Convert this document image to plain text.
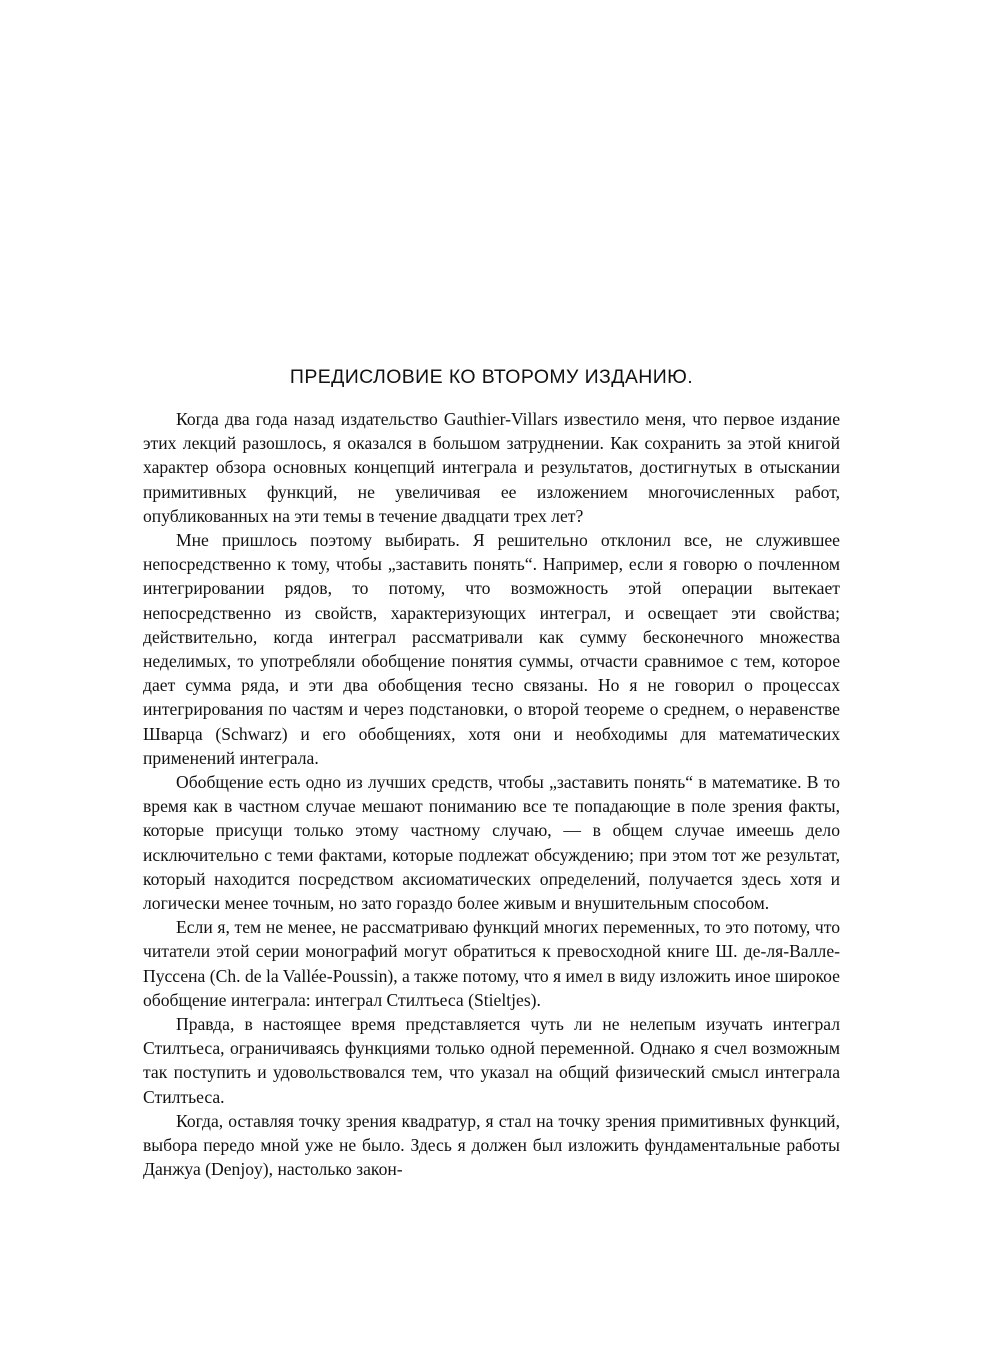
ПРЕДИСЛОВИЕ КО ВТОРОМУ ИЗДАНИЮ.

Когда два года назад издательство Gauthier-Villars известило меня, что первое издание этих лекций разошлось, я оказался в большом затруднении. Как сохранить за этой книгой характер обзора основных концепций интеграла и результатов, достигнутых в отыскании примитивных функций, не увеличивая ее изложением многочисленных работ, опубликованных на эти темы в течение двадцати трех лет?

Мне пришлось поэтому выбирать. Я решительно отклонил все, не служившее непосредственно к тому, чтобы „заставить понять“. Например, если я говорю о почленном интегрировании рядов, то потому, что возможность этой операции вытекает непосредственно из свойств, характеризующих интеграл, и освещает эти свойства; действительно, когда интеграл рассматривали как сумму бесконечного множества неделимых, то употребляли обобщение понятия суммы, отчасти сравнимое с тем, которое дает сумма ряда, и эти два обобщения тесно связаны. Но я не говорил о процессах интегрирования по частям и через подстановки, о второй теореме о среднем, о неравенстве Шварца (Schwarz) и его обобщениях, хотя они и необходимы для математических применений интеграла.

Обобщение есть одно из лучших средств, чтобы „заставить понять“ в математике. В то время как в частном случае мешают пониманию все те попадающие в поле зрения факты, которые присущи только этому частному случаю, — в общем случае имеешь дело исключительно с теми фактами, которые подлежат обсуждению; при этом тот же результат, который находится посредством аксиоматических определений, получается здесь хотя и логически менее точным, но зато гораздо более живым и внушительным способом.

Если я, тем не менее, не рассматриваю функций многих переменных, то это потому, что читатели этой серии монографий могут обратиться к превосходной книге Ш. де-ля-Валле-Пуссена (Ch. de la Vallée-Poussin), а также потому, что я имел в виду изложить иное широкое обобщение интеграла: интеграл Стилтьеса (Stieltjes).

Правда, в настоящее время представляется чуть ли не нелепым изучать интеграл Стилтьеса, ограничиваясь функциями только одной переменной. Однако я счел возможным так поступить и удовольствовался тем, что указал на общий физический смысл интеграла Стилтьеса.

Когда, оставляя точку зрения квадратур, я стал на точку зрения примитивных функций, выбора передо мной уже не было. Здесь я должен был изложить фундаментальные работы Данжуа (Denjoy), настолько закон-
